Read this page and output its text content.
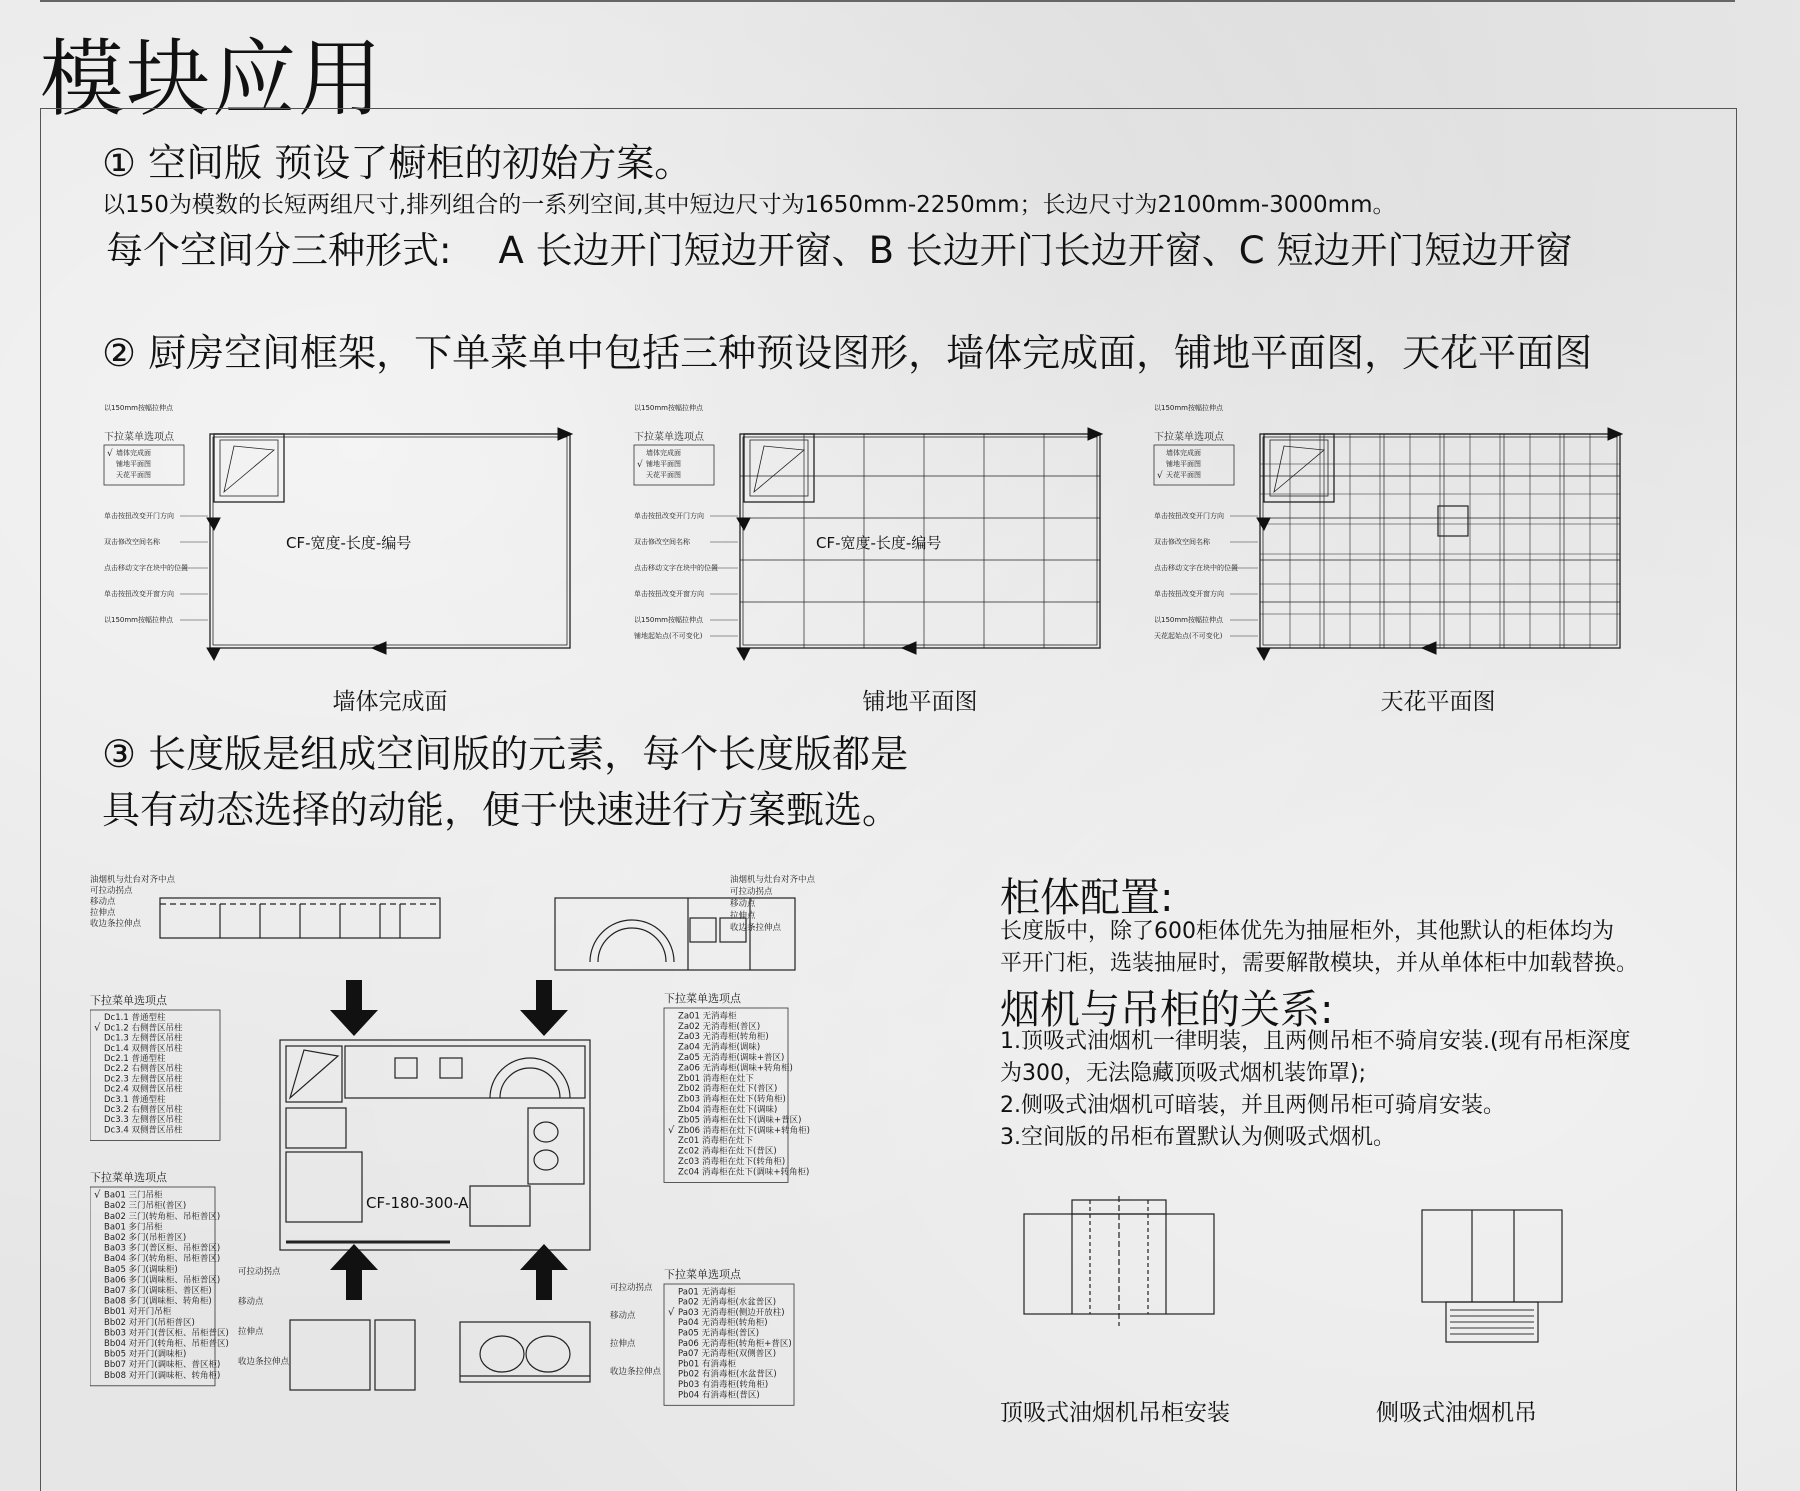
模块应用
① 空间版 预设了橱柜的初始方案。
以150为模数的长短两组尺寸,排列组合的一系列空间,其中短边尺寸为1650mm-2250mm；长边尺寸为2100mm-3000mm。
每个空间分三种形式:    A 长边开门短边开窗、B 长边开门长边开窗、C 短边开门短边开窗
② 厨房空间框架，下单菜单中包括三种预设图形，墙体完成面，铺地平面图，天花平面图
以150mm按幅拉伸点
下拉菜单选项点
墙体完成面
√
铺地平面图
天花平面图
单击按扭改变开门方向
双击修改空间名称
点击移动文字在块中的位置
单击按扭改变开窗方向
以150mm按幅拉伸点
CF-宽度-长度-编号
以150mm按幅拉伸点
下拉菜单选项点
墙体完成面
铺地平面图
√
天花平面图
单击按扭改变开门方向
双击修改空间名称
点击移动文字在块中的位置
单击按扭改变开窗方向
以150mm按幅拉伸点
铺地起始点(不可变化)
CF-宽度-长度-编号
以150mm按幅拉伸点
下拉菜单选项点
墙体完成面
铺地平面图
天花平面图
√
单击按扭改变开门方向
双击修改空间名称
点击移动文字在块中的位置
单击按扭改变开窗方向
以150mm按幅拉伸点
天花起始点(不可变化)
墙体完成面	铺地平面图	天花平面图
③ 长度版是组成空间版的元素，每个长度版都是
具有动态选择的动能，便于快速进行方案甄选。
CF-180-300-A
下拉菜单选项点
Dc1.1 普通型柱
Dc1.2 右侧普区吊柱
√
Dc1.3 左侧普区吊柱
Dc1.4 双侧普区吊柱
Dc2.1 普通型柱
Dc2.2 右侧普区吊柱
Dc2.3 左侧普区吊柱
Dc2.4 双侧普区吊柱
Dc3.1 普通型柱
Dc3.2 右侧普区吊柱
Dc3.3 左侧普区吊柱
Dc3.4 双侧普区吊柱
下拉菜单选项点
Ba01 三门吊柜
√
Ba02 三门吊柜(普区)
Ba02 三门(转角柜、吊柜普区)
Ba01 多门吊柜
Ba02 多门(吊柜普区)
Ba03 多门(普区柜、吊柜普区)
Ba04 多门(转角柜、吊柜普区)
Ba05 多门(调味柜)
Ba06 多门(调味柜、吊柜普区)
Ba07 多门(调味柜、普区柜)
Ba08 多门(调味柜、转角柜)
Bb01 对开门吊柜
Bb02 对开门(吊柜普区)
Bb03 对开门(普区柜、吊柜普区)
Bb04 对开门(转角柜、吊柜普区)
Bb05 对开门(调味柜)
Bb07 对开门(调味柜、普区柜)
Bb08 对开门(调味柜、转角柜)
下拉菜单选项点
Za01 无消毒柜
Za02 无消毒柜(普区)
Za03 无消毒柜(转角柜)
Za04 无消毒柜(调味)
Za05 无消毒柜(调味+普区)
Za06 无消毒柜(调味+转角柜)
Zb01 消毒柜在灶下
Zb02 消毒柜在灶下(普区)
Zb03 消毒柜在灶下(转角柜)
Zb04 消毒柜在灶下(调味)
Zb05 消毒柜在灶下(调味+普区)
Zb06 消毒柜在灶下(调味+转角柜)
√
Zc01 消毒柜在灶下
Zc02 消毒柜在灶下(普区)
Zc03 消毒柜在灶下(转角柜)
Zc04 消毒柜在灶下(调味+转角柜)
下拉菜单选项点
Pa01 无消毒柜
Pa02 无消毒柜(水盆普区)
Pa03 无消毒柜(侧边开放柱)
√
Pa04 无消毒柜(转角柜)
Pa05 无消毒柜(普区)
Pa06 无消毒柜(转角柜+普区)
Pa07 无消毒柜(双侧普区)
Pb01 有消毒柜
Pb02 有消毒柜(水盆普区)
Pb03 有消毒柜(转角柜)
Pb04 有消毒柜(普区)
油烟机与灶台对齐中点
可拉动拐点
移动点
拉伸点
收边条拉伸点
油烟机与灶台对齐中点
可拉动拐点
移动点
拉伸点
收边条拉伸点
可拉动拐点
移动点
拉伸点
收边条拉伸点
可拉动拐点
移动点
拉伸点
收边条拉伸点
柜体配置:
长度版中，除了600柜体优先为抽屉柜外，其他默认的柜体均为
平开门柜，选装抽屉时，需要解散模块，并从单体柜中加载替换。
烟机与吊柜的关系:
1.顶吸式油烟机一律明装，且两侧吊柜不骑肩安装.(现有吊柜深度
为300，无法隐藏顶吸式烟机装饰罩);
2.侧吸式油烟机可暗装，并且两侧吊柜可骑肩安装。
3.空间版的吊柜布置默认为侧吸式烟机。
顶吸式油烟机吊柜安装	侧吸式油烟机吊
